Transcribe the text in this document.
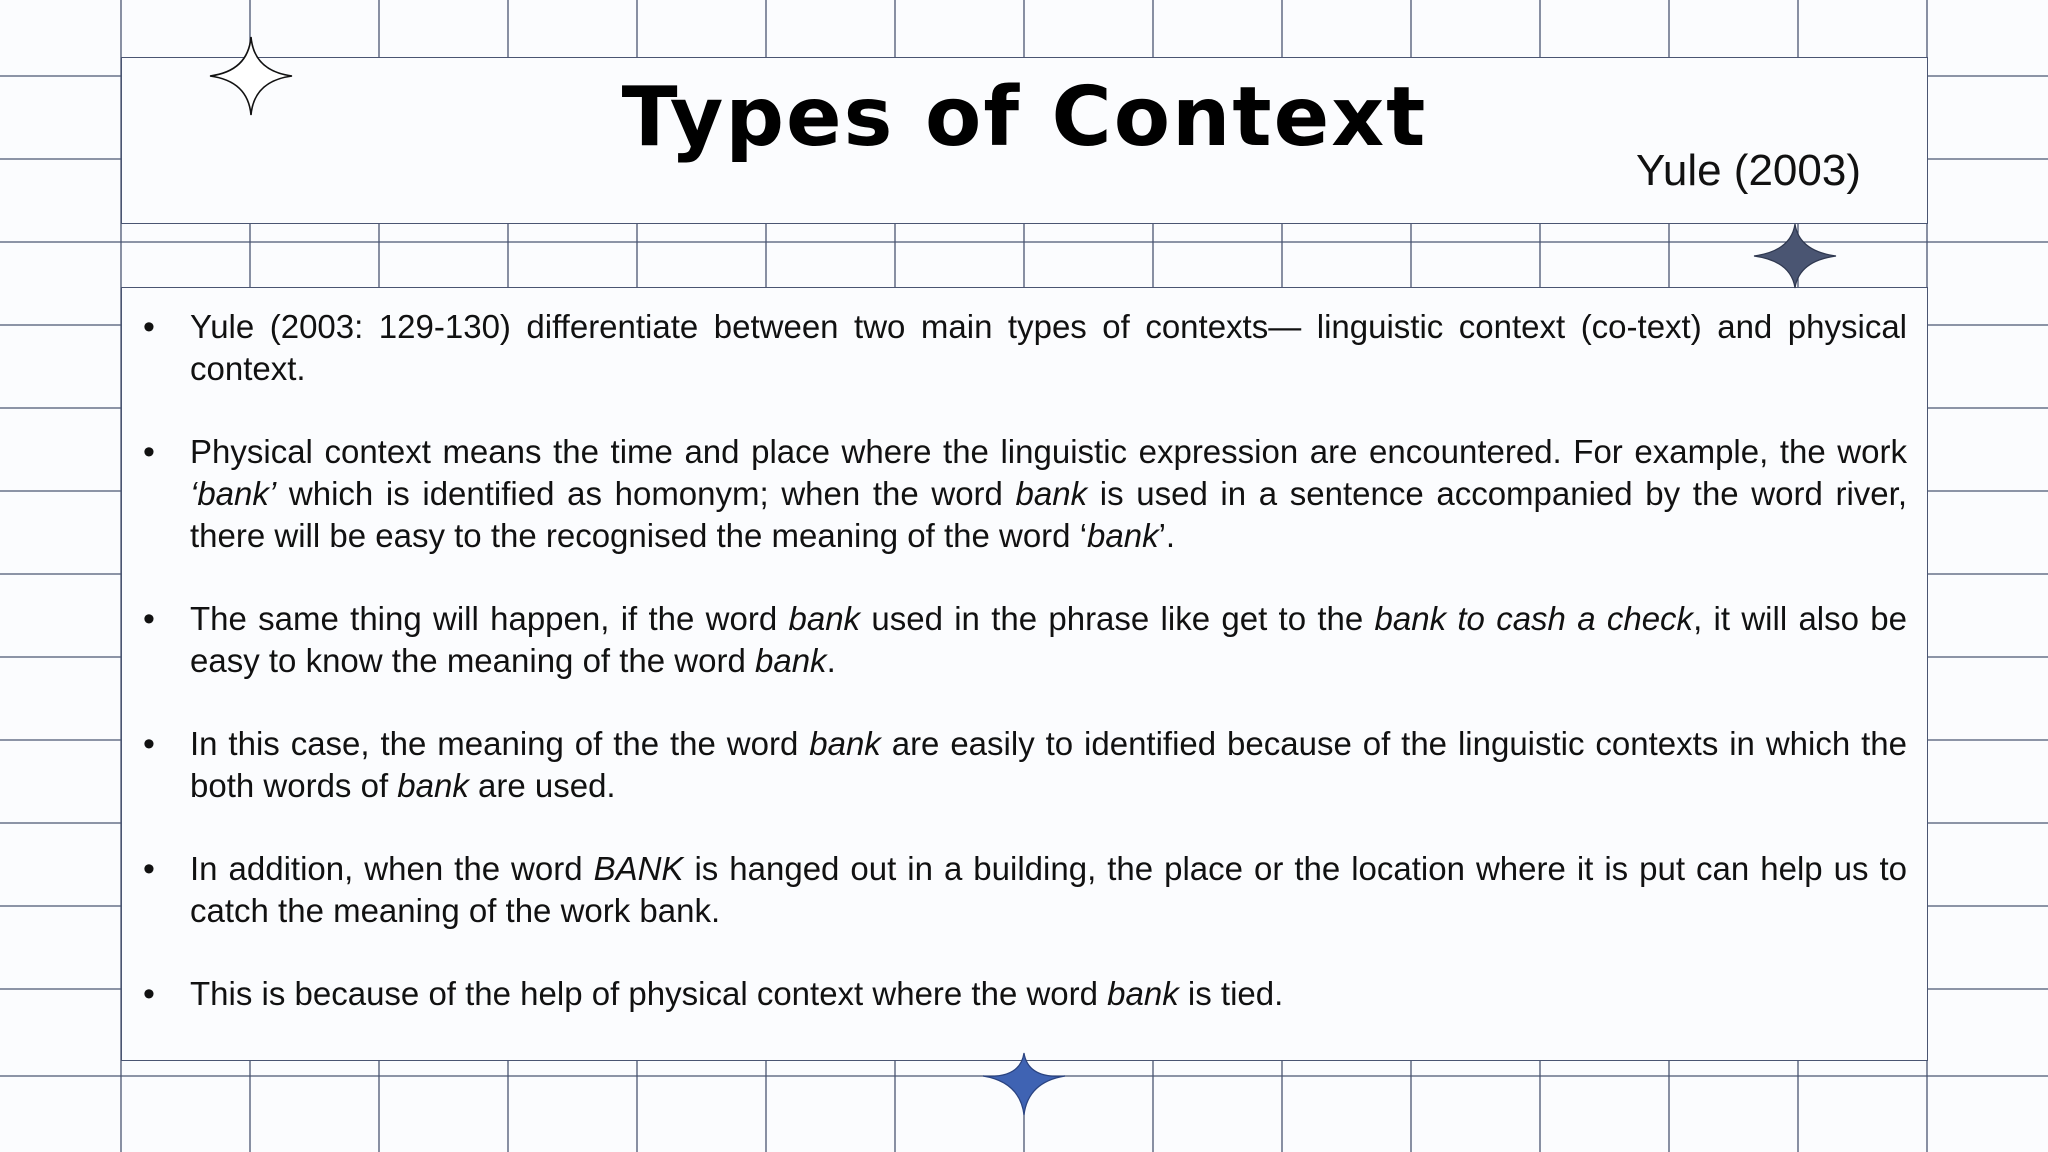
Types of Context

Yule (2003)

• Yule (2003: 129-130) differentiate between two main types of contexts— linguistic context (co-text) and physical context.
• Physical context means the time and place where the linguistic expression are encountered. For example, the work ‘bank’ which is identified as homonym; when the word bank is used in a sentence accompanied by the word river, there will be easy to the recognised the meaning of the word ‘bank’.
• The same thing will happen, if the word bank used in the phrase like get to the bank to cash a check, it will also be easy to know the meaning of the word bank.
• In this case, the meaning of the the word bank are easily to identified because of the linguistic contexts in which the both words of bank are used.
• In addition, when the word BANK is hanged out in a building, the place or the location where it is put can help us to catch the meaning of the work bank.
• This is because of the help of physical context where the word bank is tied.
